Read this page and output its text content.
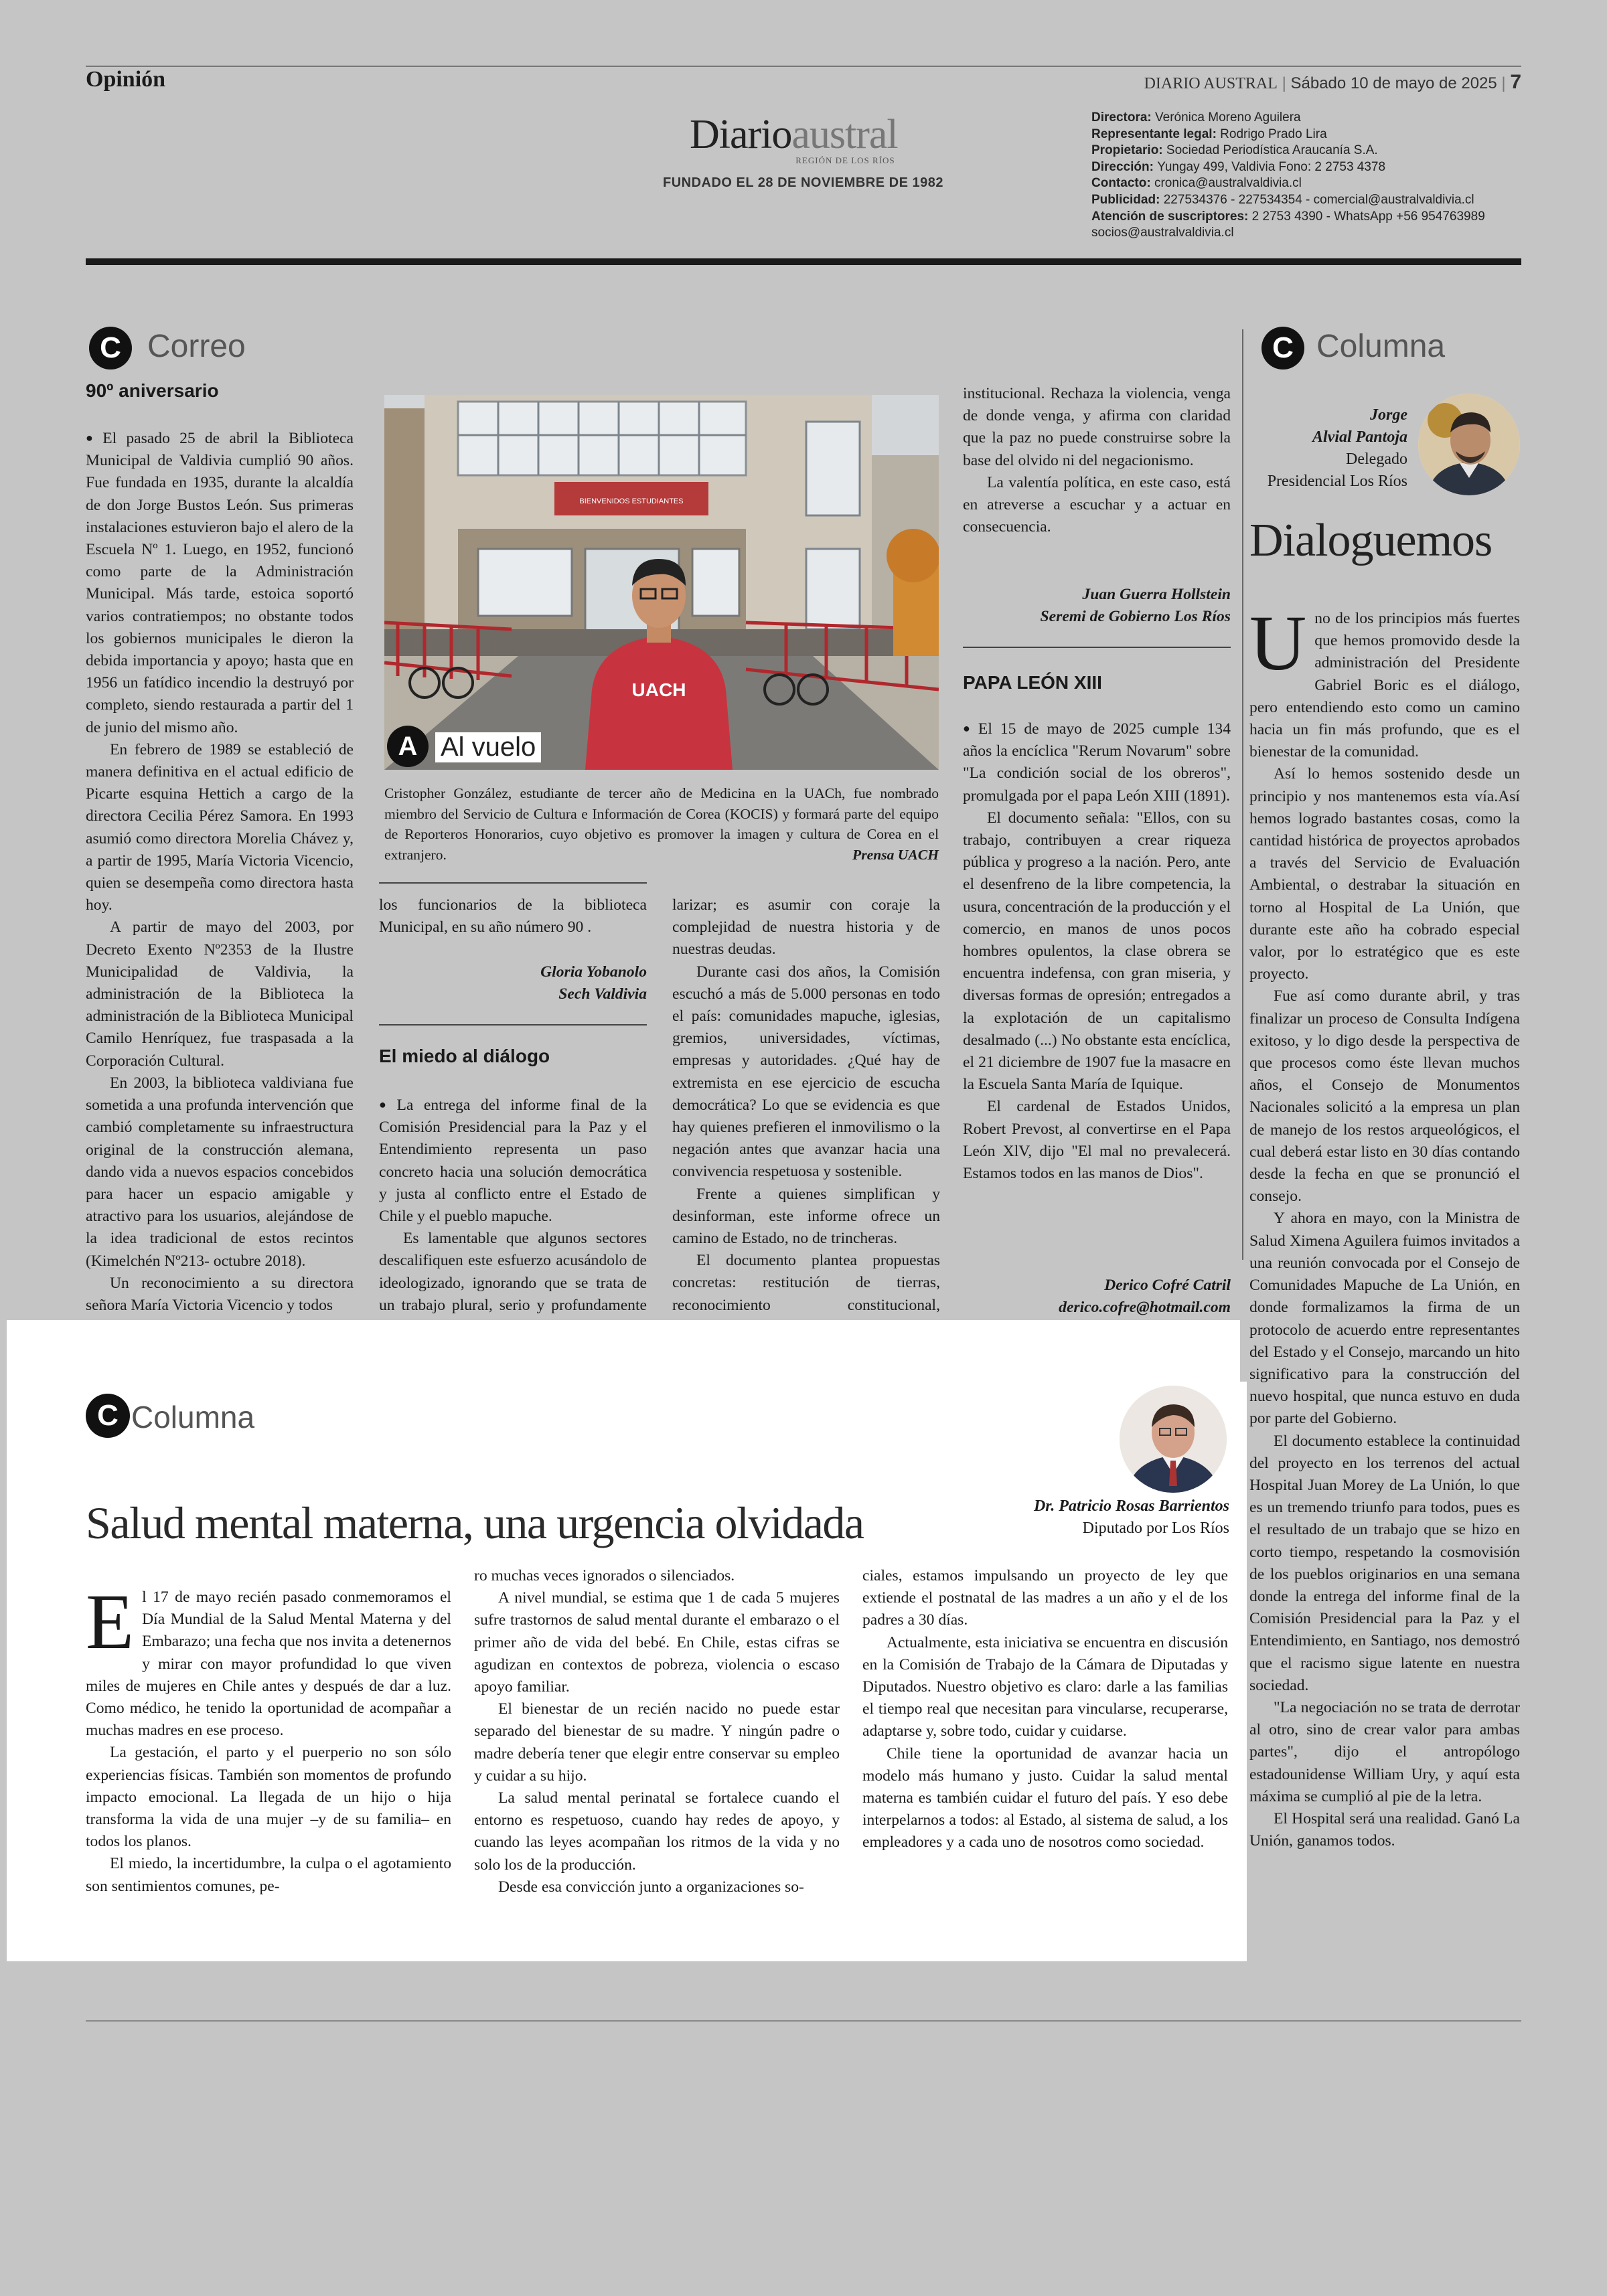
Opinión	DIARIO AUSTRAL | Sábado 10 de mayo de 2025 | 7
Diarioaustral
REGIÓN DE LOS RÍOS
FUNDADO EL 28 DE NOVIEMBRE DE 1982
Directora: Verónica Moreno Aguilera
Representante legal: Rodrigo Prado Lira
Propietario: Sociedad Periodística Araucanía S.A.
Dirección: Yungay 499, Valdivia Fono: 2 2753 4378
Contacto: cronica@australvaldivia.cl
Publicidad: 227534376 - 227534354 - comercial@australvaldivia.cl
Atención de suscriptores: 2 2753 4390 - WhatsApp +56 954763989
socios@australvaldivia.cl
C Correo
90º aniversario

● El pasado 25 de abril la Biblioteca Municipal de Valdivia cumplió 90 años. Fue fundada en 1935, durante la alcaldía de don Jorge Bustos León. Sus primeras instalaciones estuvieron bajo el alero de la Escuela Nº 1. Luego, en 1952, funcionó como parte de la Administración Municipal. Más tarde, estoica soportó varios contratiempos; no obstante todos los gobiernos municipales le dieron la debida importancia y apoyo; hasta que en 1956 un fatídico incendio la destruyó por completo, siendo restaurada a partir del 1 de junio del mismo año.

En febrero de 1989 se estableció de manera definitiva en el actual edificio de Picarte esquina Hettich a cargo de la directora Cecilia Pérez Samora. En 1993 asumió como directora Morelia Chávez y, a partir de 1995, María Victoria Vicencio, quien se desempeña como directora hasta hoy.

A partir de mayo del 2003, por Decreto Exento Nº2353 de la Ilustre Municipalidad de Valdivia, la administración de la Biblioteca la administración de la Biblioteca Municipal Camilo Henríquez, fue traspasada a la Corporación Cultural.

En 2003, la biblioteca valdiviana fue sometida a una profunda intervención que cambió completamente su infraestructura original de la construcción alemana, dando vida a nuevos espacios concebidos para hacer un espacio amigable y atractivo para los usuarios, alejándose de la idea tradicional de estos recintos (Kimelchén Nº213- octubre 2018).

Un reconocimiento a su directora señora María Victoria Vicencio y todos

BIENVENIDOS ESTUDIANTES
UACH
A Al vuelo
Cristopher González, estudiante de tercer año de Medicina en la UACh, fue nombrado miembro del Servicio de Cultura e Información de Corea (KOCIS) y formará parte del equipo de Reporteros Honorarios, cuyo objetivo es promover la imagen y cultura de Corea en el extranjero.	Prensa UACH

los funcionarios de la biblioteca Municipal, en su año número 90 .

Gloria Yobanolo
Sech Valdivia
El miedo al diálogo

● La entrega del informe final de la Comisión Presidencial para la Paz y el Entendimiento representa un paso concreto hacia una solución democrática y justa al conflicto entre el Estado de Chile y el pueblo mapuche.

Es lamentable que algunos sectores descalifiquen este esfuerzo acusándolo de ideologizado, ignorando que se trata de un trabajo plural, serio y profundamente

larizar; es asumir con coraje la complejidad de nuestra historia y de nuestras deudas.

Durante casi dos años, la Comisión escuchó a más de 5.000 personas en todo el país: comunidades mapuche, iglesias, gremios, universidades, víctimas, empresas y autoridades. ¿Qué hay de extremista en ese ejercicio de escucha democrática? Lo que se evidencia es que hay quienes prefieren el inmovilismo o la negación antes que avanzar hacia una convivencia respetuosa y sostenible.

Frente a quienes simplifican y desinforman, este informe ofrece un camino de Estado, no de trincheras.

El documento plantea propuestas concretas: restitución de tierras, reconocimiento constitucional,

institucional. Rechaza la violencia, venga de donde venga, y afirma con claridad que la paz no puede construirse sobre la base del olvido ni del negacionismo.

La valentía política, en este caso, está en atreverse a escuchar y a actuar en consecuencia.

Juan Guerra Hollstein
Seremi de Gobierno Los Ríos
PAPA LEÓN XIII

● El 15 de mayo de 2025 cumple 134 años la encíclica "Rerum Novarum" sobre "La condición social de los obreros", promulgada por el papa León XIII (1891).

El documento señala: "Ellos, con su trabajo, contribuyen a crear riqueza pública y progreso a la nación. Pero, ante el desenfreno de la libre competencia, la usura, concentración de la producción y el comercio, en manos de unos pocos hombres opulentos, la clase obrera se encuentra indefensa, con gran miseria, y diversas formas de opresión; entregados a la explotación de un capitalismo desalmado (...) No obstante esta encíclica, el 21 diciembre de 1907 fue la masacre en la Escuela Santa María de Iquique.

El cardenal de Estados Unidos, Robert Prevost, al convertirse en el Papa León XlV, dijo "El mal no prevalecerá. Estamos todos en las manos de Dios".

Derico Cofré Catril
derico.cofre@hotmail.com
C Columna
Jorge
Alvial Pantoja
Delegado
Presidencial Los Ríos
Dialoguemos

Uno de los principios más fuertes que hemos promovido desde la administración del Presidente Gabriel Boric es el diálogo, pero entendiendo esto como un camino hacia un fin más profundo, que es el bienestar de la comunidad.

Así lo hemos sostenido desde un principio y nos mantenemos esta vía.Así hemos logrado bastantes cosas, como la cantidad histórica de proyectos aprobados a través del Servicio de Evaluación Ambiental, o destrabar la situación en torno al Hospital de La Unión, que durante este año ha cobrado especial valor, por lo estratégico que es este proyecto.

Fue así como durante abril, y tras finalizar un proceso de Consulta Indígena exitoso, y lo digo desde la perspectiva de que procesos como éste llevan muchos años, el Consejo de Monumentos Nacionales solicitó a la empresa un plan de manejo de los restos arqueológicos, el cual deberá estar listo en 30 días contando desde la fecha en que se pronunció el consejo.

Y ahora en mayo, con la Ministra de Salud Ximena Aguilera fuimos invitados a una reunión convocada por el Consejo de Comunidades Mapuche de La Unión, en donde formalizamos la firma de un protocolo de acuerdo entre representantes del Estado y el Consejo, marcando un hito significativo para la construcción del nuevo hospital, que nunca estuvo en duda por parte del Gobierno.

El documento establece la continuidad del proyecto en los terrenos del actual Hospital Juan Morey de La Unión, lo que es un tremendo triunfo para todos, pues es el resultado de un trabajo que se hizo en corto tiempo, respetando la cosmovisión de los pueblos originarios en una semana donde la entrega del informe final de la Comisión Presidencial para la Paz y el Entendimiento, en Santiago, nos demostró que el racismo sigue latente en nuestra sociedad.

"La negociación no se trata de derrotar al otro, sino de crear valor para ambas partes", dijo el antropólogo estadounidense William Ury, y aquí esta máxima se cumplió al pie de la letra.

El Hospital será una realidad. Ganó La Unión, ganamos todos.

C Columna
Dr. Patricio Rosas Barrientos
Diputado por Los Ríos
Salud mental materna, una urgencia olvidada

El 17 de mayo recién pasado conmemoramos el Día Mundial de la Salud Mental Materna y del Embarazo; una fecha que nos invita a detenernos y mirar con mayor profundidad lo que viven miles de mujeres en Chile antes y después de dar a luz. Como médico, he tenido la oportunidad de acompañar a muchas madres en ese proceso.

La gestación, el parto y el puerperio no son sólo experiencias físicas. También son momentos de profundo impacto emocional. La llegada de un hijo o hija transforma la vida de una mujer –y de su familia– en todos los planos.

El miedo, la incertidumbre, la culpa o el agotamiento son sentimientos comunes, pe-

ro muchas veces ignorados o silenciados.

A nivel mundial, se estima que 1 de cada 5 mujeres sufre trastornos de salud mental durante el embarazo o el primer año de vida del bebé. En Chile, estas cifras se agudizan en contextos de pobreza, violencia o escaso apoyo familiar.

El bienestar de un recién nacido no puede estar separado del bienestar de su madre. Y ningún padre o madre debería tener que elegir entre conservar su empleo y cuidar a su hijo.

La salud mental perinatal se fortalece cuando el entorno es respetuoso, cuando hay redes de apoyo, y cuando las leyes acompañan los ritmos de la vida y no solo los de la producción.

Desde esa convicción junto a organizaciones so-

ciales, estamos impulsando un proyecto de ley que extiende el postnatal de las madres a un año y el de los padres a 30 días.

Actualmente, esta iniciativa se encuentra en discusión en la Comisión de Trabajo de la Cámara de Diputadas y Diputados. Nuestro objetivo es claro: darle a las familias el tiempo real que necesitan para vincularse, recuperarse, adaptarse y, sobre todo, cuidar y cuidarse.

Chile tiene la oportunidad de avanzar hacia un modelo más humano y justo. Cuidar la salud mental materna es también cuidar el futuro del país. Y eso debe interpelarnos a todos: al Estado, al sistema de salud, a los empleadores y a cada uno de nosotros como sociedad.
